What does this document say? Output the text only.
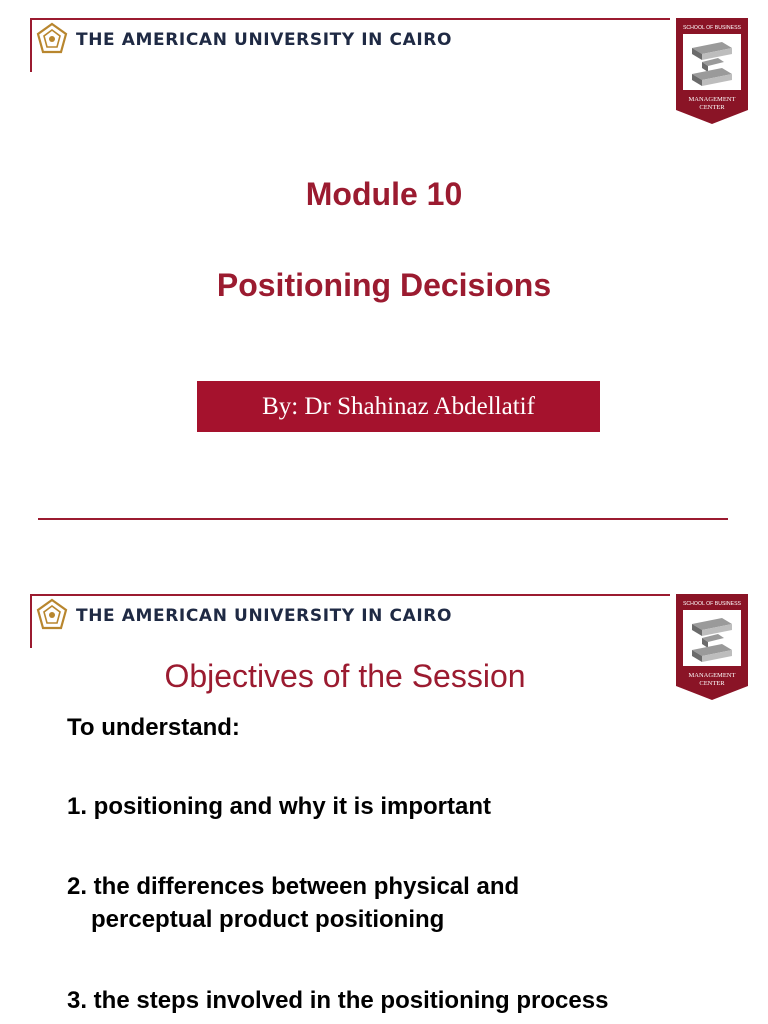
THE AMERICAN UNIVERSITY IN CAIRO
SCHOOL OF BUSINESS
MANAGEMENT
CENTER
Module 10
Positioning Decisions
By: Dr Shahinaz Abdellatif
THE AMERICAN UNIVERSITY IN CAIRO
SCHOOL OF BUSINESS
MANAGEMENT
CENTER
Objectives of the Session
To understand:
1. positioning and why it is important
2. the differences between physical and
perceptual product positioning
3. the steps involved in the positioning process
